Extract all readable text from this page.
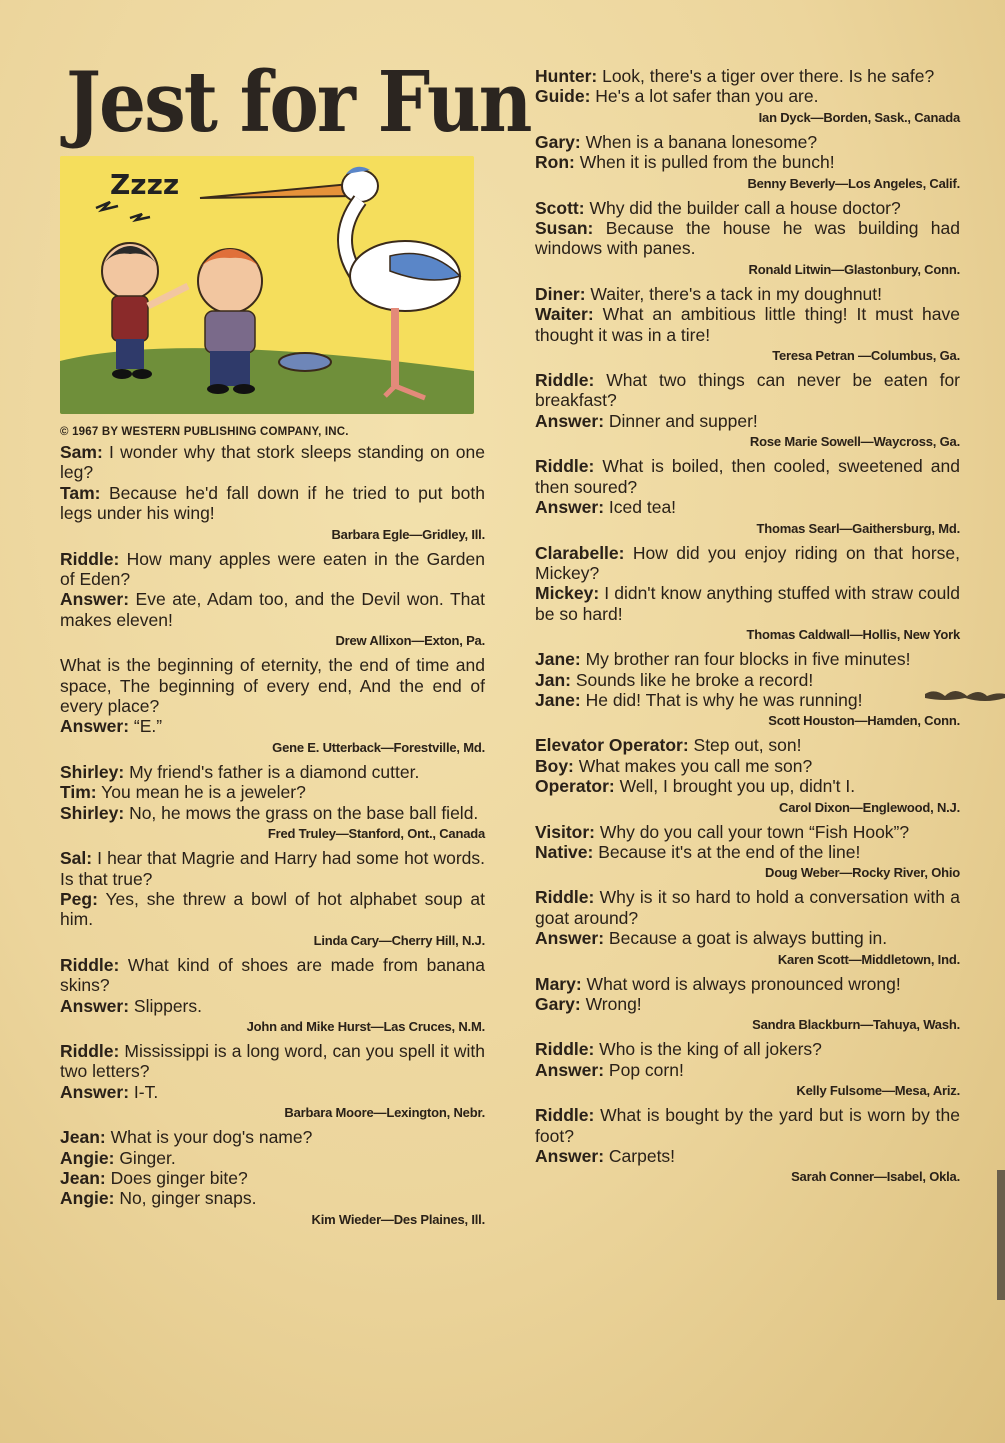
Jest for Fun
Zzzz

© 1967 BY WESTERN PUBLISHING COMPANY, INC.

Sam: I wonder why that stork sleeps standing on one leg?

Tam: Because he'd fall down if he tried to put both legs under his wing!

Barbara Egle—Gridley, Ill.

Riddle: How many apples were eaten in the Garden of Eden?

Answer: Eve ate, Adam too, and the Devil won. That makes eleven!

Drew Allixon—Exton, Pa.

What is the beginning of eternity, the end of time and space, The beginning of every end, And the end of every place?

Answer: “E.”

Gene E. Utterback—Forestville, Md.

Shirley: My friend's father is a diamond cutter.

Tim: You mean he is a jeweler?

Shirley: No, he mows the grass on the base ball field.

Fred Truley—Stanford, Ont., Canada

Sal: I hear that Magrie and Harry had some hot words. Is that true?

Peg: Yes, she threw a bowl of hot alphabet soup at him.

Linda Cary—Cherry Hill, N.J.

Riddle: What kind of shoes are made from banana skins?

Answer: Slippers.

John and Mike Hurst—Las Cruces, N.M.

Riddle: Mississippi is a long word, can you spell it with two letters?

Answer: I-T.

Barbara Moore—Lexington, Nebr.

Jean: What is your dog's name?

Angie: Ginger.

Jean: Does ginger bite?

Angie: No, ginger snaps.

Kim Wieder—Des Plaines, Ill.

Hunter: Look, there's a tiger over there. Is he safe?

Guide: He's a lot safer than you are.

Ian Dyck—Borden, Sask., Canada

Gary: When is a banana lonesome?

Ron: When it is pulled from the bunch!

Benny Beverly—Los Angeles, Calif.

Scott: Why did the builder call a house doctor?

Susan: Because the house he was building had windows with panes.

Ronald Litwin—Glastonbury, Conn.

Diner: Waiter, there's a tack in my doughnut!

Waiter: What an ambitious little thing! It must have thought it was in a tire!

Teresa Petran —Columbus, Ga.

Riddle: What two things can never be eaten for breakfast?

Answer: Dinner and supper!

Rose Marie Sowell—Waycross, Ga.

Riddle: What is boiled, then cooled, sweetened and then soured?

Answer: Iced tea!

Thomas Searl—Gaithersburg, Md.

Clarabelle: How did you enjoy riding on that horse, Mickey?

Mickey: I didn't know anything stuffed with straw could be so hard!

Thomas Caldwall—Hollis, New York

Jane: My brother ran four blocks in five minutes!

Jan: Sounds like he broke a record!

Jane: He did! That is why he was running!

Scott Houston—Hamden, Conn.

Elevator Operator: Step out, son!

Boy: What makes you call me son?

Operator: Well, I brought you up, didn't I.

Carol Dixon—Englewood, N.J.

Visitor: Why do you call your town “Fish Hook”?

Native: Because it's at the end of the line!

Doug Weber—Rocky River, Ohio

Riddle: Why is it so hard to hold a conversation with a goat around?

Answer: Because a goat is always butting in.

Karen Scott—Middletown, Ind.

Mary: What word is always pronounced wrong!

Gary: Wrong!

Sandra Blackburn—Tahuya, Wash.

Riddle: Who is the king of all jokers?

Answer: Pop corn!

Kelly Fulsome—Mesa, Ariz.

Riddle: What is bought by the yard but is worn by the foot?

Answer: Carpets!

Sarah Conner—Isabel, Okla.
